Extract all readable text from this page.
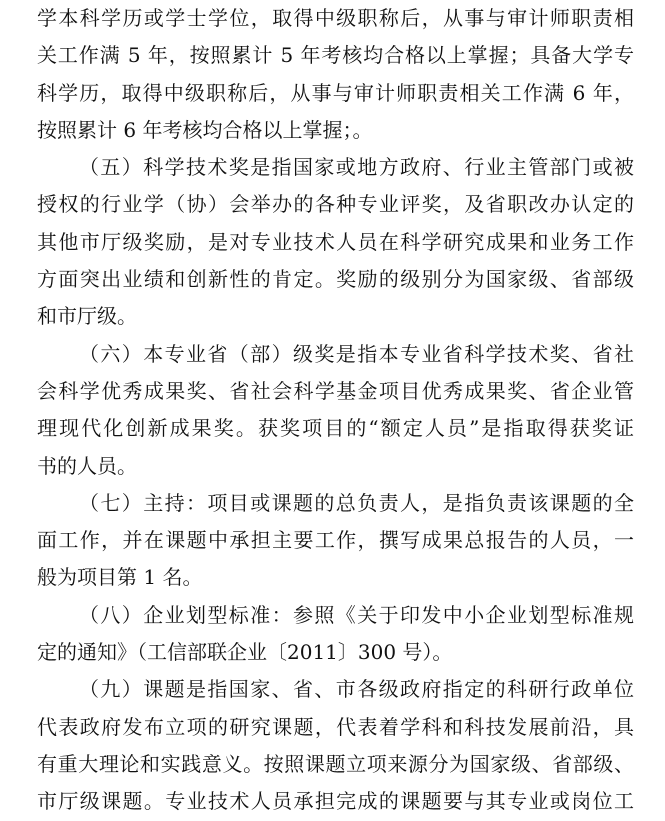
学本科学历或学士学位，取得中级职称后，从事与审计师职责相
关工作满 5 年，按照累计 5 年考核均合格以上掌握；具备大学专
科学历，取得中级职称后，从事与审计师职责相关工作满 6 年，
按照累计 6 年考核均合格以上掌握；。
（五）科学技术奖是指国家或地方政府、行业主管部门或被
授权的行业学（协）会举办的各种专业评奖，及省职改办认定的
其他市厅级奖励，是对专业技术人员在科学研究成果和业务工作
方面突出业绩和创新性的肯定。奖励的级别分为国家级、省部级
和市厅级。
（六）本专业省（部）级奖是指本专业省科学技术奖、省社
会科学优秀成果奖、省社会科学基金项目优秀成果奖、省企业管
理现代化创新成果奖。获奖项目的“额定人员”是指取得获奖证
书的人员。
（七）主持：项目或课题的总负责人，是指负责该课题的全
面工作，并在课题中承担主要工作，撰写成果总报告的人员，一
般为项目第 1 名。
（八）企业划型标准：参照《关于印发中小企业划型标准规
定的通知》（工信部联企业〔2011〕300 号）。
（九）课题是指国家、省、市各级政府指定的科研行政单位
代表政府发布立项的研究课题，代表着学科和科技发展前沿，具
有重大理论和实践意义。按照课题立项来源分为国家级、省部级、
市厅级课题。专业技术人员承担完成的课题要与其专业或岗位工
